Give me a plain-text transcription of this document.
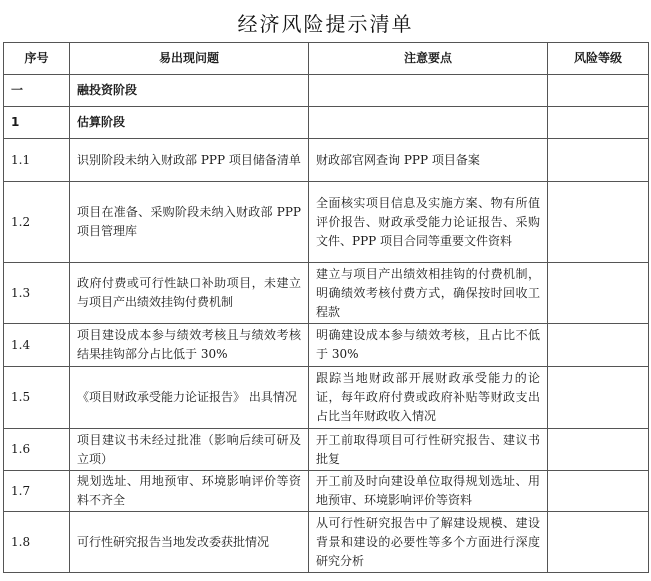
经济风险提示清单
序号	易出现问题	注意要点	风险等级
一	融投资阶段		
1	估算阶段		
1.1	识别阶段未纳入财政部 PPP 项目储备清单	财政部官网查询 PPP 项目备案	
1.2	项目在准备、采购阶段未纳入财政部 PPP 项目管理库	全面核实项目信息及实施方案、物有所值评价报告、财政承受能力论证报告、采购文件、PPP 项目合同等重要文件资料	
1.3	政府付费或可行性缺口补助项目，未建立与项目产出绩效挂钩付费机制	建立与项目产出绩效相挂钩的付费机制，明确绩效考核付费方式，确保按时回收工程款	
1.4	项目建设成本参与绩效考核且与绩效考核结果挂钩部分占比低于 30%	明确建设成本参与绩效考核，且占比不低于 30%	
1.5	《项目财政承受能力论证报告》 出具情况	跟踪当地财政部开展财政承受能力的论证，每年政府付费或政府补贴等财政支出占比当年财政收入情况	
1.6	项目建议书未经过批准（影响后续可研及立项）	开工前取得项目可行性研究报告、建议书批复	
1.7	规划选址、用地预审、环境影响评价等资料不齐全	开工前及时向建设单位取得规划选址、用地预审、环境影响评价等资料	
1.8	可行性研究报告当地发改委获批情况	从可行性研究报告中了解建设规模、建设背景和建设的必要性等多个方面进行深度研究分析	
